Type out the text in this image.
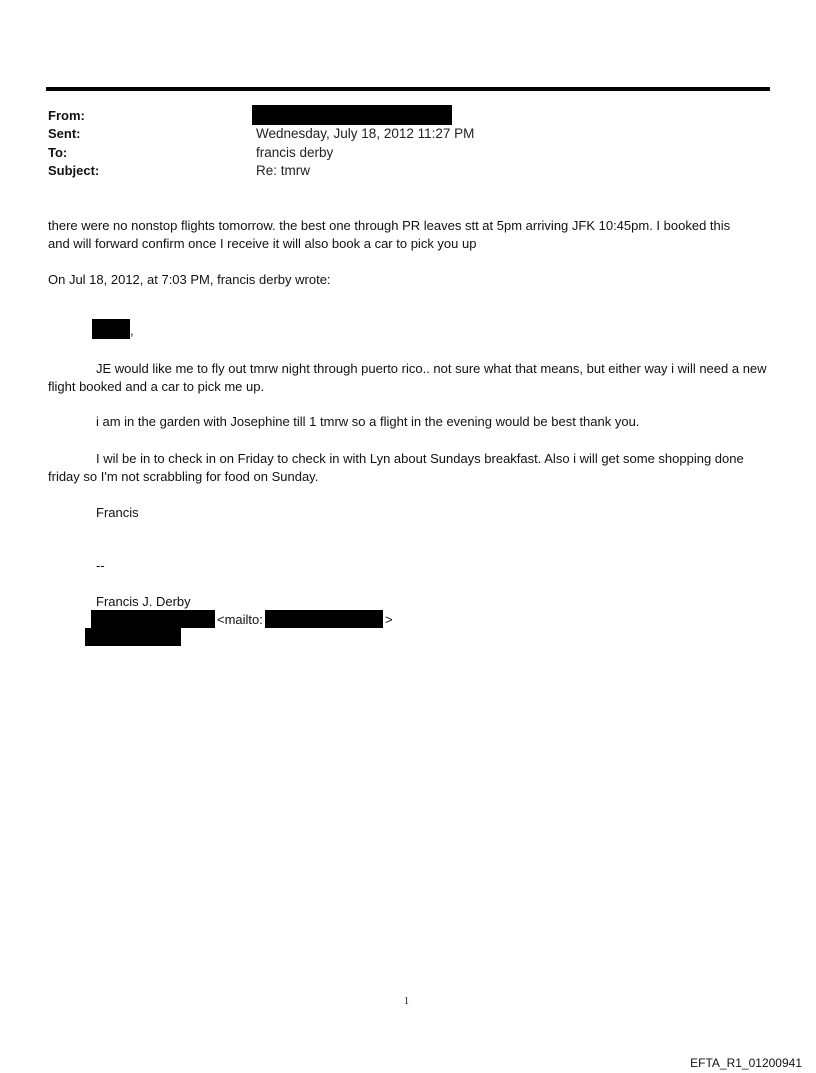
From:
Sent:
To:
Subject:
Wednesday, July 18, 2012 11:27 PM
francis derby
Re: tmrw
there were no nonstop flights tomorrow. the best one through PR leaves stt at 5pm arriving JFK 10:45pm. I booked this
and will forward confirm once I receive it will also book a car to pick you up
On Jul 18, 2012, at 7:03 PM, francis derby wrote:
,
JE would like me to fly out tmrw night through puerto rico.. not sure what that means, but either way i will need a new flight booked and a car to pick me up.
i am in the garden with Josephine till 1 tmrw so a flight in the evening would be best thank you.
I wil be in to check in on Friday to check in with Lyn about Sundays breakfast. Also i will get some shopping done friday so I'm not scrabbling for food on Sunday.
Francis
--
Francis J. Derby
<mailto:	>
1
EFTA_R1_01200941
